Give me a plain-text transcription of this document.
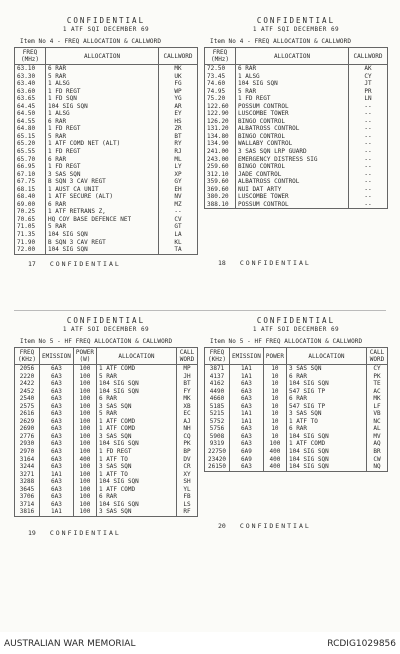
CONFIDENTIAL
1 ATF SQI DECEMBER 69
Item No 4 - FREQ ALLOCATION & CALLWORD
FREQ (MHz)	ALLOCATION	CALLWORD
63.10	6 RAR	MK
63.30	5 RAR	UK
63.40	1 ALSG	FG
63.60	1 FD REGT	WP
63.65	1 FD SQN	YG
64.45	104 SIG SQN	AR
64.50	1 ALSG	EY
64.55	6 RAR	HS
64.80	1 FD REGT	ZR
65.15	5 RAR	BT
65.20	1 ATF COMD NET (ALT)	RY
65.55	1 FD REGT	RJ
65.70	6 RAR	ML
66.95	1 FD REGT	LY
67.10	3 SAS SQN	XP
67.75	B SQN 3 CAV REGT	GY
68.15	1 AUST CA UNIT	EH
68.40	1 ATF SECURE (ALT)	NV
69.00	6 RAR	MZ
70.25	1 ATF RETRANS Z,	--
70.65	HQ COY BASE DEFENCE NET	CV
71.05	5 RAR	GT
71.35	104 SIG SQN	LA
71.90	B SQN 3 CAV REGT	KL
72.00	104 SIG SQN	TA
17 CONFIDENTIAL
CONFIDENTIAL
1 ATF SQI DECEMBER 69
Item No 4 - FREQ ALLOCATION & CALLWORD
FREQ (MHz)	ALLOCATION	CALLWORD
72.50	6 RAR	AK
73.45	1 ALSG	CY
74.60	104 SIG SQN	JT
74.95	5 RAR	PR
75.20	1 FD REGT	LN
122.60	POSSUM CONTROL	--
122.90	LUSCOMBE TOWER	--
126.20	BINGO CONTROL	--
131.20	ALBATROSS CONTROL	--
134.80	BINGO CONTROL	--
134.90	WALLABY CONTROL	--
241.00	3 SAS SQN LRP GUARD	--
243.00	EMERGENCY DISTRESS SIG	--
259.60	BINGO CONTROL	--
312.10	JADE CONTROL	--
359.60	ALBATROSS CONTROL	--
369.60	NUI DAT ARTY	--
380.20	LUSCOMBE TOWER	--
388.10	POSSUM CONTROL	--
18 CONFIDENTIAL
CONFIDENTIAL
1 ATF SOI DECEMBER 69
Item No 5 - HF FREQ ALLOCATION & CALLWORD
FREQ (KHz)	EMISSION	POWER (W)	ALLOCATION	CALL WORD
2056	6A3	100	1 ATF COMD	MP
2220	6A3	100	5 RAR	JH
2422	6A3	100	104 SIG SQN	BT
2452	6A3	100	104 SIG SQN	FY
2540	6A3	100	6 RAR	MK
2575	6A3	100	3 SAS SQN	XB
2616	6A3	100	5 RAR	EC
2629	6A3	100	1 ATF COMD	AJ
2690	6A3	100	1 ATF COMD	NH
2776	6A3	100	3 SAS SQN	CQ
2930	6A3	100	104 SIG SQN	PK
2970	6A3	100	1 FD REGT	BP
3164	6A3	400	1 ATF TO	DV
3244	6A3	100	3 SAS SQN	CR
3271	1A1	100	1 ATF TO	XY
3288	6A3	100	104 SIG SQN	SH
3645	6A3	100	1 ATF COMD	YL
3706	6A3	100	6 RAR	FB
3714	6A3	100	104 SIG SQN	LS
3816	1A1	100	3 SAS SQN	RF
19 CONFIDENTIAL
CONFIDENTIAL
1 ATF SOI DECEMBER 69
Item No 5 - HF FREQ ALLOCATION & CALLWORD
FREQ (KHz)	EMISSION	POWER	ALLOCATION	CALL WORD
3871	1A1	10	3 SAS SQN	CY
4137	1A1	10	6 RAR	PK
4162	6A3	10	104 SIG SQN	TE
4490	6A3	10	547 SIG TP	AC
4660	6A3	10	6 RAR	MK
5185	6A3	10	547 SIG TP	LF
5215	1A1	10	3 SAS SQN	VB
5752	1A1	10	1 ATF TO	NC
5756	6A3	10	6 RAR	AL
5908	6A3	10	104 SIG SQN	MV
9319	6A3	100	1 ATF COMD	AQ
22750	6A9	400	104 SIG SQN	BR
23420	6A9	400	104 SIG SQN	CW
26150	6A3	400	104 SIG SQN	NQ
20 CONFIDENTIAL
AUSTRALIAN WAR MEMORIAL	RCDIG1029856
